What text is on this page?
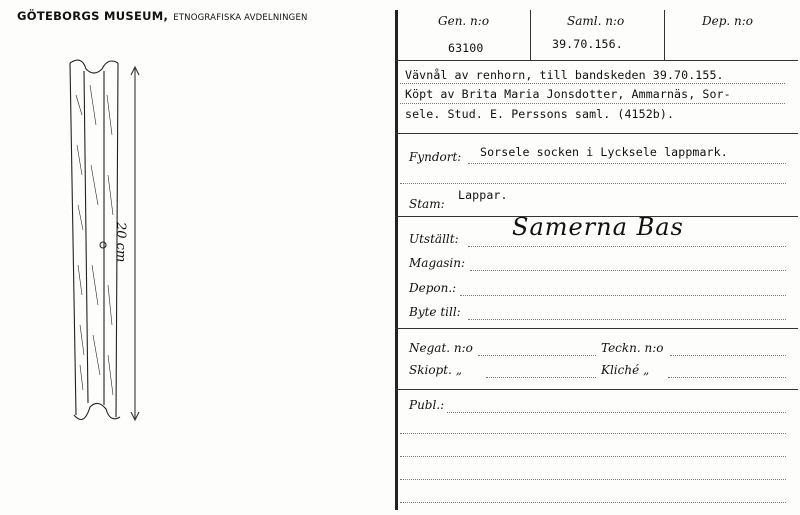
GÖTEBORGS MUSEUM, ETNOGRAFISKA AVDELNINGEN
20 cm
Gen. n:o
63100
Saml. n:o
39.70.156.
Dep. n:o
Vävnål av renhorn, till bandskeden 39.70.155.
Köpt av Brita Maria Jonsdotter, Ammarnäs, Sor-
sele. Stud. E. Perssons saml. (4152b).
Fyndort: Sorsele socken i Lycksele lappmark.
Lappar.
Stam:
Utställt: Samerna Bas
Magasin:
Depon.:
Byte till:
Negat. n:o	Teckn. n:o
Skiopt. „	Kliché „
Publ.:
